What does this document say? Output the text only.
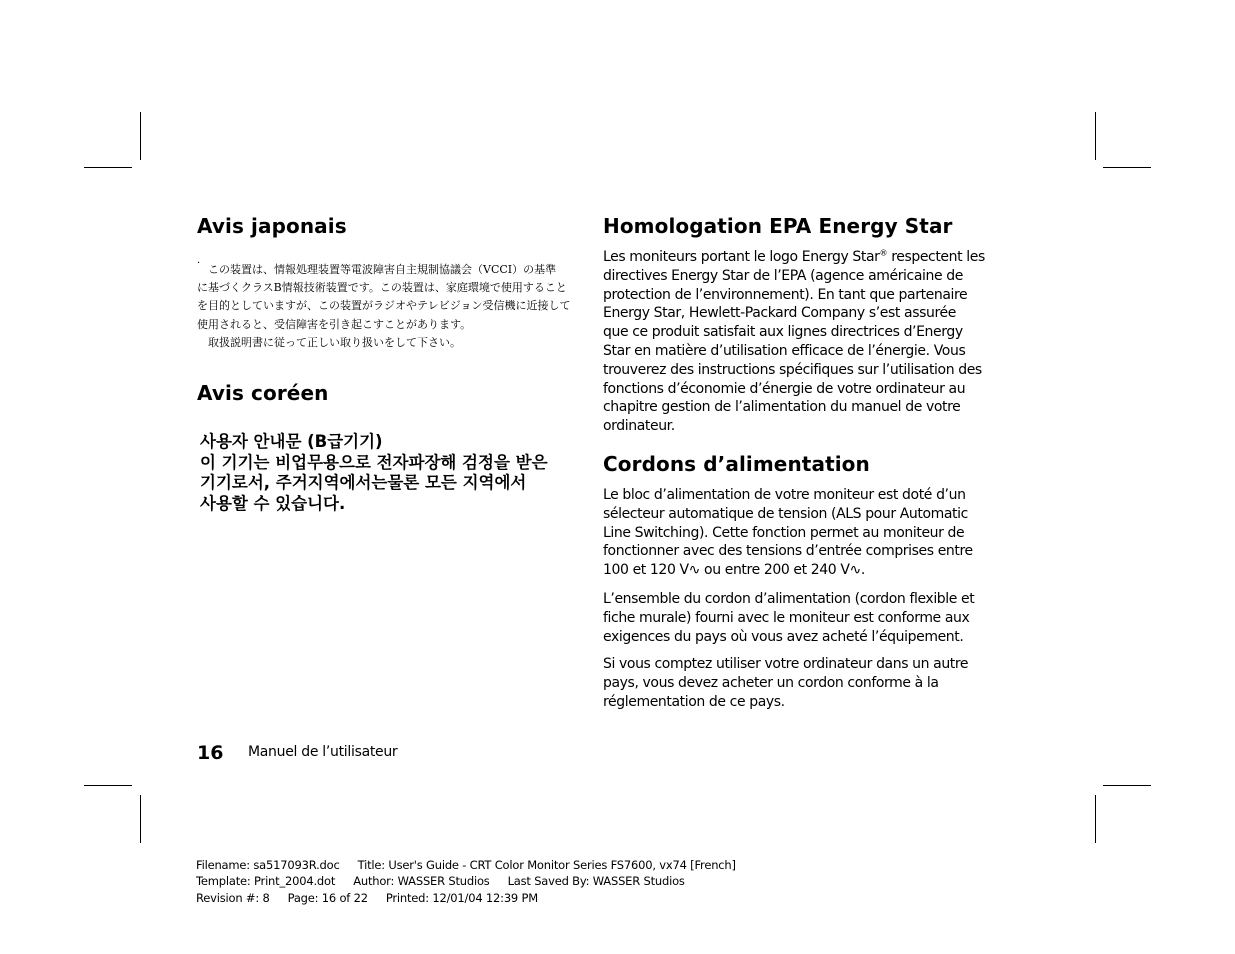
Avis japonais
· この装置は、情報処理装置等電波障害自主規制協議会（VCCI）の基準
に基づくクラスB情報技術装置です。この装置は、家庭環境で使用すること
を目的としていますが、この装置がラジオやテレビジョン受信機に近接して
使用されると、受信障害を引き起こすことがあります。
　取扱説明書に従って正しい取り扱いをして下さい。
Avis coréen
사용자 안내문 (B급기기)
이 기기는 비업무용으로 전자파장해 검정을 받은
기기로서, 주거지역에서는물론 모든 지역에서
사용할 수 있습니다.
Homologation EPA Energy Star
Les moniteurs portant le logo Energy Star® respectent les
directives Energy Star de l’EPA (agence américaine de
protection de l’environnement). En tant que partenaire
Energy Star, Hewlett-Packard Company s’est assurée
que ce produit satisfait aux lignes directrices d’Energy
Star en matière d’utilisation efficace de l’énergie. Vous
trouverez des instructions spécifiques sur l’utilisation des
fonctions d’économie d’énergie de votre ordinateur au
chapitre gestion de l’alimentation du manuel de votre
ordinateur.
Cordons d’alimentation
Le bloc d’alimentation de votre moniteur est doté d’un
sélecteur automatique de tension (ALS pour Automatic
Line Switching). Cette fonction permet au moniteur de
fonctionner avec des tensions d’entrée comprises entre
100 et 120 V∿ ou entre 200 et 240 V∿.
L’ensemble du cordon d’alimentation (cordon flexible et
fiche murale) fourni avec le moniteur est conforme aux
exigences du pays où vous avez acheté l’équipement.
Si vous comptez utiliser votre ordinateur dans un autre
pays, vous devez acheter un cordon conforme à la
réglementation de ce pays.
16 Manuel de l’utilisateur
Filename: sa517093R.doc Title: User's Guide - CRT Color Monitor Series FS7600, vx74 [French]
Template: Print_2004.dot Author: WASSER Studios Last Saved By: WASSER Studios
Revision #: 8 Page: 16 of 22 Printed: 12/01/04 12:39 PM
